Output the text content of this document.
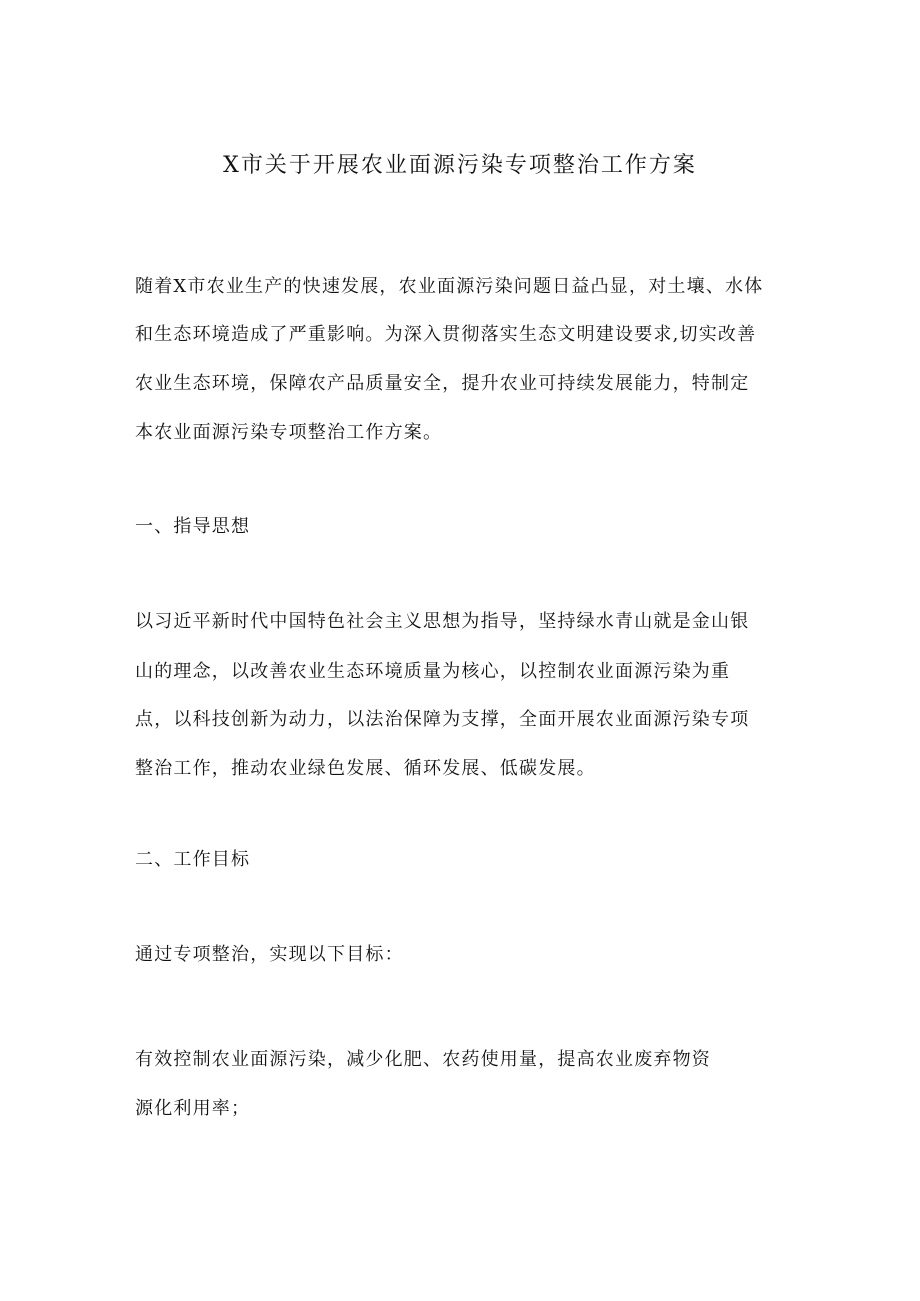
X市关于开展农业面源污染专项整治工作方案
随着X市农业生产的快速发展，农业面源污染问题日益凸显，对土壤、水体
和生态环境造成了严重影响。为深入贯彻落实生态文明建设要求,切实改善
农业生态环境，保障农产品质量安全，提升农业可持续发展能力，特制定
本农业面源污染专项整治工作方案。
一、指导思想
以习近平新时代中国特色社会主义思想为指导，坚持绿水青山就是金山银
山的理念，以改善农业生态环境质量为核心，以控制农业面源污染为重
点，以科技创新为动力，以法治保障为支撑，全面开展农业面源污染专项
整治工作，推动农业绿色发展、循环发展、低碳发展。
二、工作目标
通过专项整治，实现以下目标：
有效控制农业面源污染，减少化肥、农药使用量，提高农业废弃物资
源化利用率；
